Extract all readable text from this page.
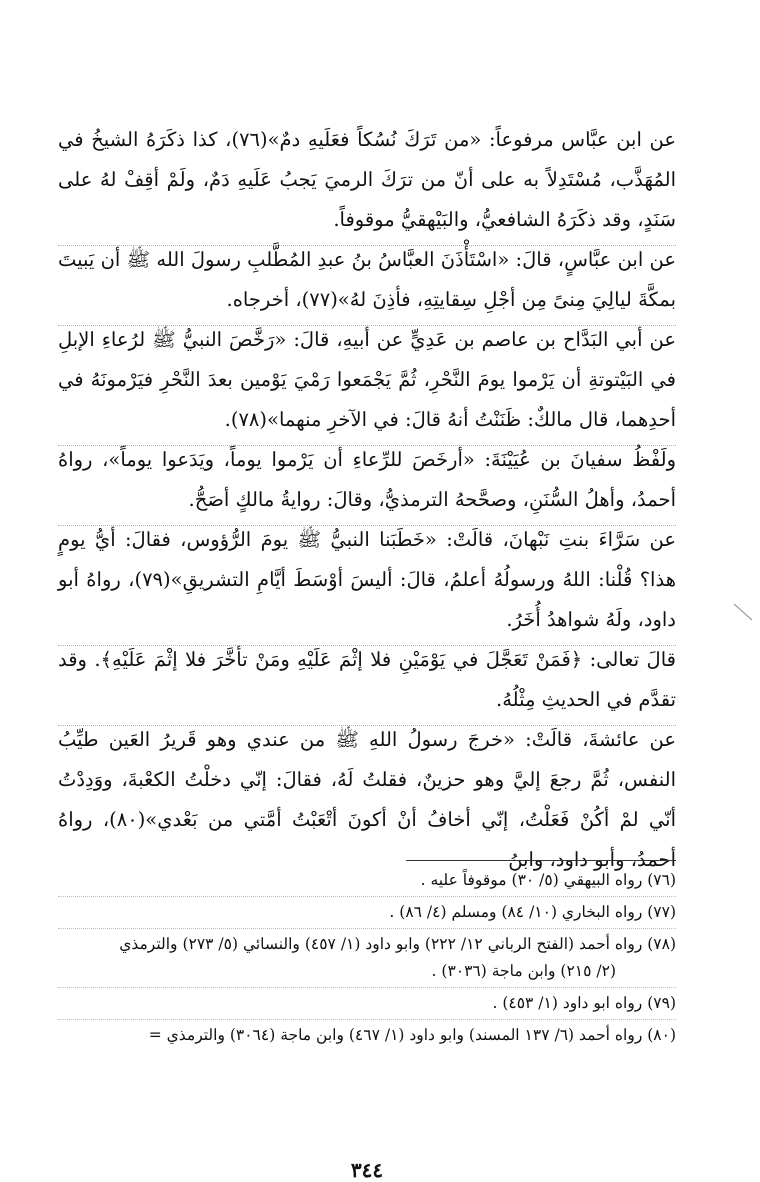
عن ابن عبَّاس مرفوعاً: «من تَرَكَ نُسُكاً فعَلَيهِ دمٌ»(٧٦)، كذا ذكَرَهُ الشيخُ في المُهَذَّب، مُسْتَدِلاً به على أنّ من ترَكَ الرميَ يَجبُ عَلَيهِ دَمٌ، ولَمْ أقِفْ لهُ على سَنَدٍ، وقد ذكَرَهُ الشافعيُّ، والبَيْهقيُّ موقوفاً.

عن ابن عبَّاسٍ، قالَ: «اسْتَأْذَنَ العبَّاسُ بنُ عبدِ المُطَّلبِ رسولَ الله ﷺ أن يَبيتَ بمكَّةَ ليالِيَ مِنىً مِن أجْلِ سِقايتِهِ، فأذِنَ لهُ»(٧٧)، أخرجاه.

عن أبي البَدَّاح بن عاصم بن عَدِيٍّ عن أبيهِ، قالَ: «رَخَّصَ النبيُّ ﷺ لرُعاءِ الإبلِ في البَيْتوتةِ أن يَرْموا يومَ النَّحْرِ، ثُمَّ يَجْمَعوا رَمْيَ يَوْمين بعدَ النَّحْرِ فيَرْمونَهُ في أحدِهما، قال مالكٌ: ظَنَنْتُ أنهُ قالَ: في الآخرِ منهما»(٧٨).

ولَفْظُ سفيانَ بن عُيَيْنَةَ: «أرخَصَ للرِّعاءِ أن يَرْموا يوماً، ويَدَعوا يوماً»، رواهُ أحمدُ، وأهلُ السُّنَنِ، وصحَّحهُ الترمذيُّ، وقالَ: روايةُ مالكٍ أصَحُّ.

عن سَرَّاءَ بنتِ نَبْهانَ، قالَتْ: «خَطَبَنا النبيُّ ﷺ يومَ الرُّؤوس، فقالَ: أيُّ يومٍ هذا؟ قُلْنا: اللهُ ورسولُهُ أعلمُ، قالَ: أليسَ أوْسَطَ أيَّامِ التشريقِ»(٧٩)، رواهُ أبو داود، ولَهُ شواهدُ أُخَرُ.

قالَ تعالى: ﴿فَمَنْ تَعَجَّلَ في يَوْمَيْنِ فلا إثْمَ عَلَيْهِ ومَنْ تأخَّرَ فلا إثْمَ عَلَيْهِ﴾. وقد تقدَّم في الحديثِ مِثْلُهُ.

عن عائشةَ، قالَتْ: «خرجَ رسولُ اللهِ ﷺ من عندي وهو قَريرُ العَين طيِّبُ النفس، ثُمَّ رجعَ إليَّ وهو حزينٌ، فقلتُ لَهُ، فقالَ: إنّي دخلْتُ الكعْبةَ، ووَدِدْتُ أنّي لمْ أكُنْ فَعَلْتُ، إنّي أخافُ أنْ أكونَ أتْعَبْتُ أمَّتي من بَعْدي»(٨٠)، رواهُ أحمدُ، وأبو داود، وابنُ

(٧٦) رواه البيهقي (٥/ ٣٠) موقوفاً عليه .

(٧٧) رواه البخاري (١٠/ ٨٤) ومسلم (٤/ ٨٦) .

(٧٨) رواه أحمد (الفتح الرباني ١٢/ ٢٢٢) وابو داود (١/ ٤٥٧) والنسائي (٥/ ٢٧٣) والترمذي

(٢/ ٢١٥) وابن ماجة (٣٠٣٦) .

(٧٩) رواه ابو داود (١/ ٤٥٣) .

(٨٠) رواه أحمد (٦/ ١٣٧ المسند) وابو داود (١/ ٤٦٧) وابن ماجة (٣٠٦٤) والترمذي =

٣٤٤
